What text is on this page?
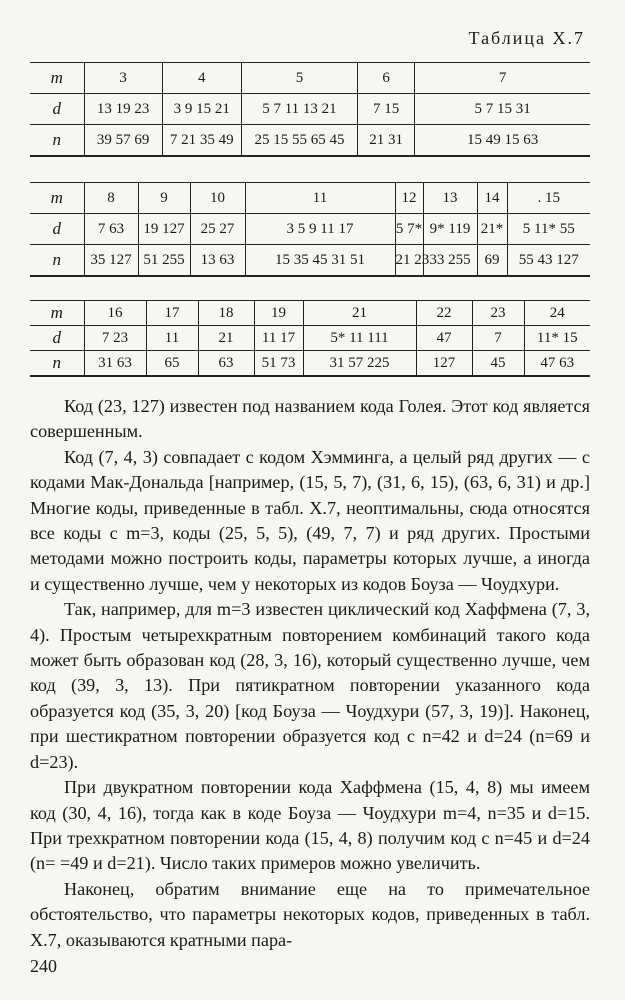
Таблица X.7
m	3	4	5	6	7
d	13 19 23	3 9 15 21	5 7 11 13 21	7 15	5 7 15 31
n	39 57 69	7 21 35 49	25 15 55 65 45	21 31	15 49 15 63
m	8	9	10	11	12	13	14	. 15
d	7 63	19 127	25 27	3 5 9 11 17	5 7*	9* 119	21*	5 11* 55
n	35 127	51 255	13 63	15 35 45 31 51	21 23	33 255	69	55 43 127
m	16	17	18	19	21	22	23	24
d	7 23	11	21	11 17	5* 11 111	47	7	11* 15
n	31 63	65	63	51 73	31 57 225	127	45	47 63

Код (23, 127) известен под названием кода Голея. Этот код является совершенным.

Код (7, 4, 3) совпадает с кодом Хэмминга, а целый ряд других — с кодами Мак-Дональда [например, (15, 5, 7), (31, 6, 15), (63, 6, 31) и др.] Многие коды, приведенные в табл. X.7, неоптимальны, сюда относятся все коды с m=3, коды (25, 5, 5), (49, 7, 7) и ряд других. Простыми методами можно построить коды, параметры которых лучше, а иногда и существенно лучше, чем у некоторых из кодов Боуза — Чоудхури.

Так, например, для m=3 известен циклический код Хаффмена (7, 3, 4). Простым четырехкратным повторением комбинаций такого кода может быть образован код (28, 3, 16), который существенно лучше, чем код (39, 3, 13). При пятикратном повторении указанного кода образуется код (35, 3, 20) [код Боуза — Чоудхури (57, 3, 19)]. Наконец, при шестикратном повторении образуется код с n=42 и d=24 (n=69 и d=23).

При двукратном повторении кода Хаффмена (15, 4, 8) мы имеем код (30, 4, 16), тогда как в коде Боуза — Чоудхури m=4, n=35 и d=15. При трехкратном повторении кода (15, 4, 8) получим код с n=45 и d=24 (n= =49 и d=21). Число таких примеров можно увеличить.

Наконец, обратим внимание еще на то примечательное обстоятельство, что параметры некоторых кодов, приведенных в табл. X.7, оказываются кратными пара-

240
